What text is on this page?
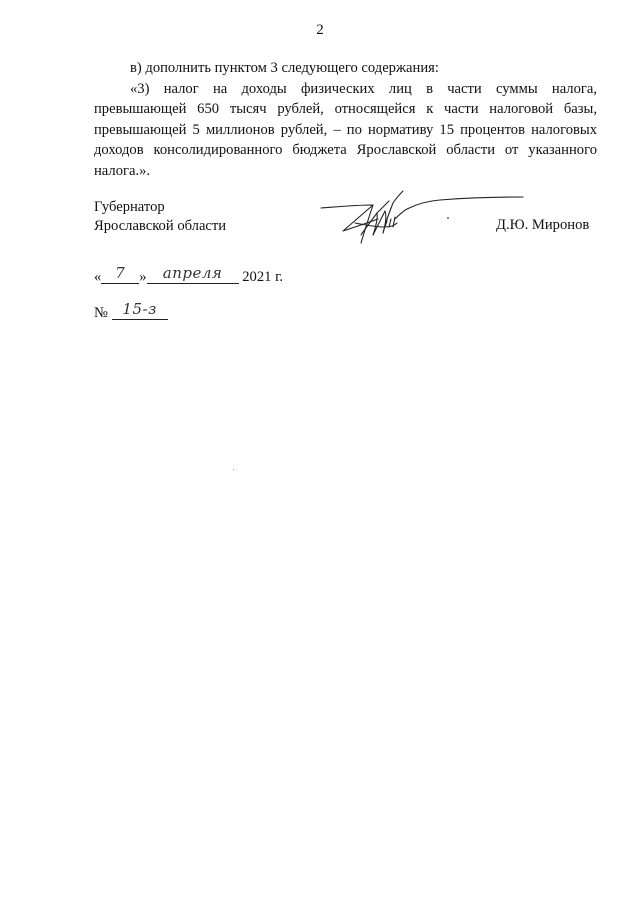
2

в) дополнить пунктом 3 следующего содержания:

«3) налог на доходы физических лиц в части суммы налога, превышающей 650 тысяч рублей, относящейся к части налоговой базы, превышающей 5 миллионов рублей, – по нормативу 15 процентов налоговых доходов консолидированного бюджета Ярославской области от указанного налога.».

Губернатор
Ярославской области	Д.Ю. Миронов
« 7 » апреля 2021 г.
№ 15-з
